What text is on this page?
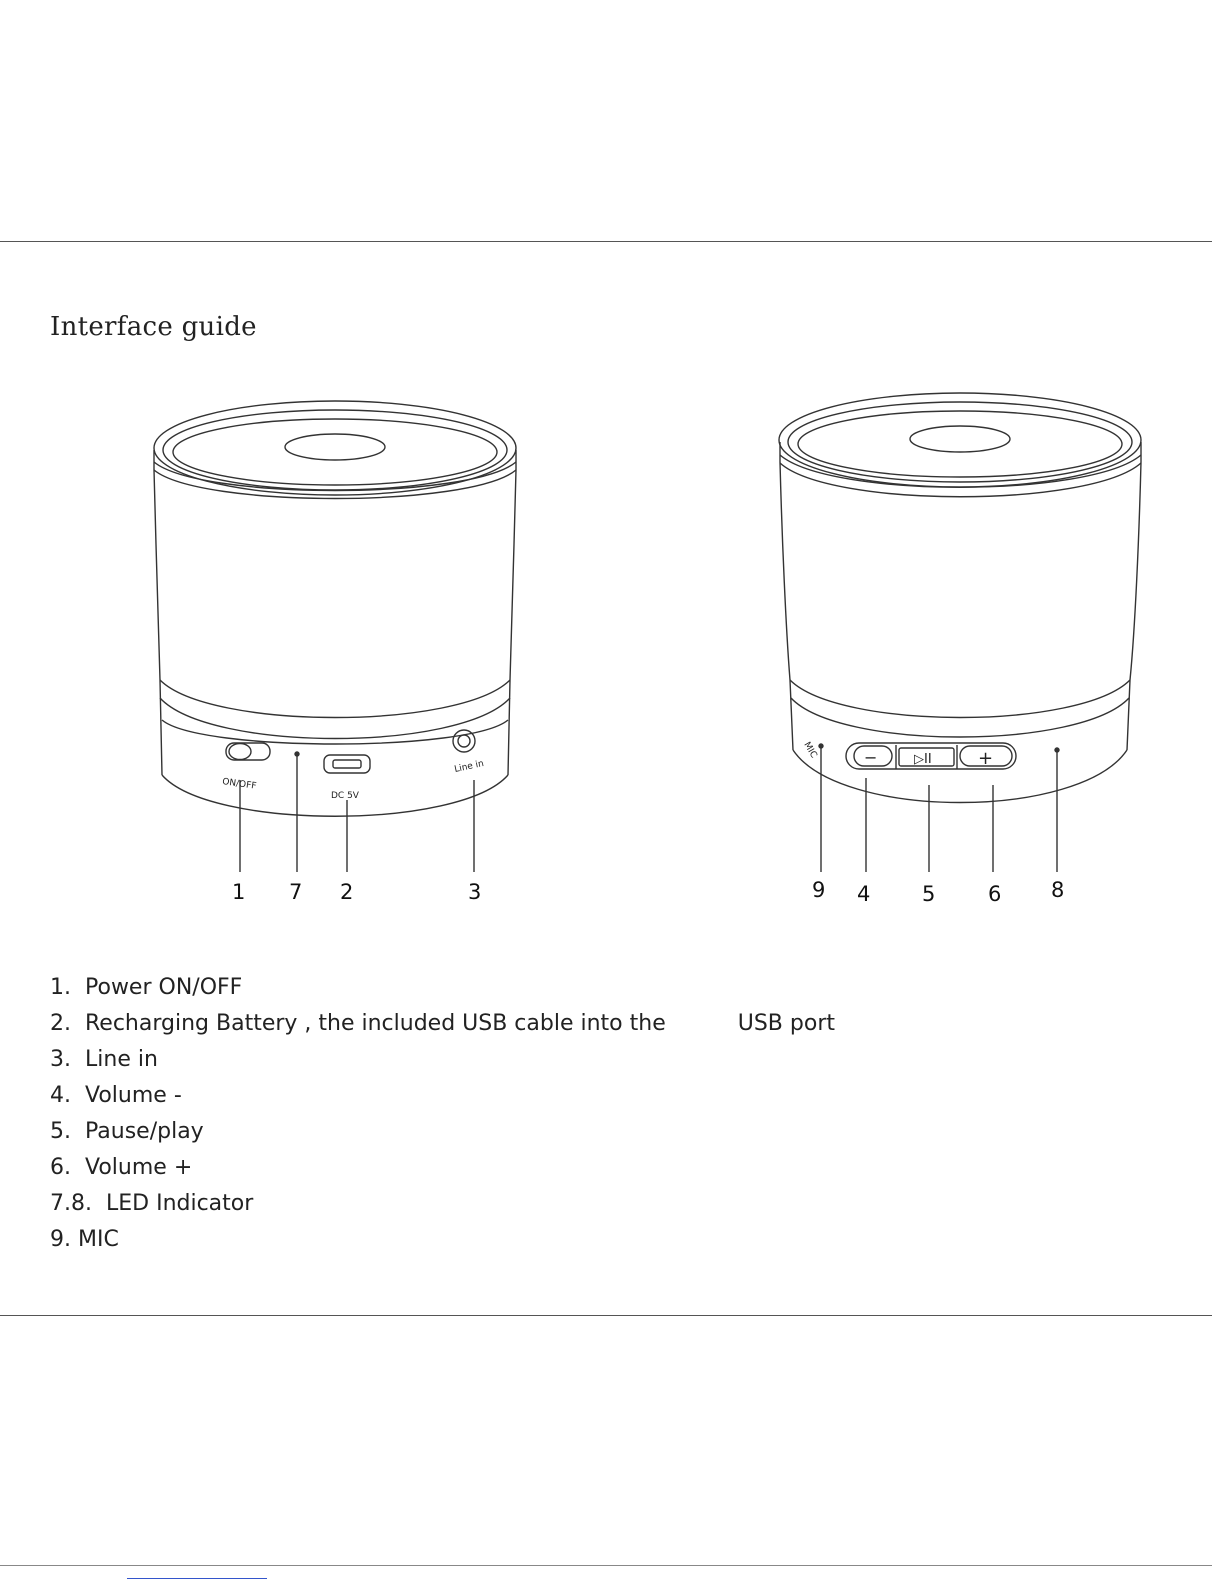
Interface guide
ON/OFF
DC 5V
Line in
MIC	−	▷II	+
1 7 2	3	9 4 5	6 8
1. Power ON/OFF
2. Recharging Battery , the included USB cable into the	USB port
3. Line in
4. Volume -
5. Pause/play
6. Volume +
7.8. LED Indicator
9. MIC
